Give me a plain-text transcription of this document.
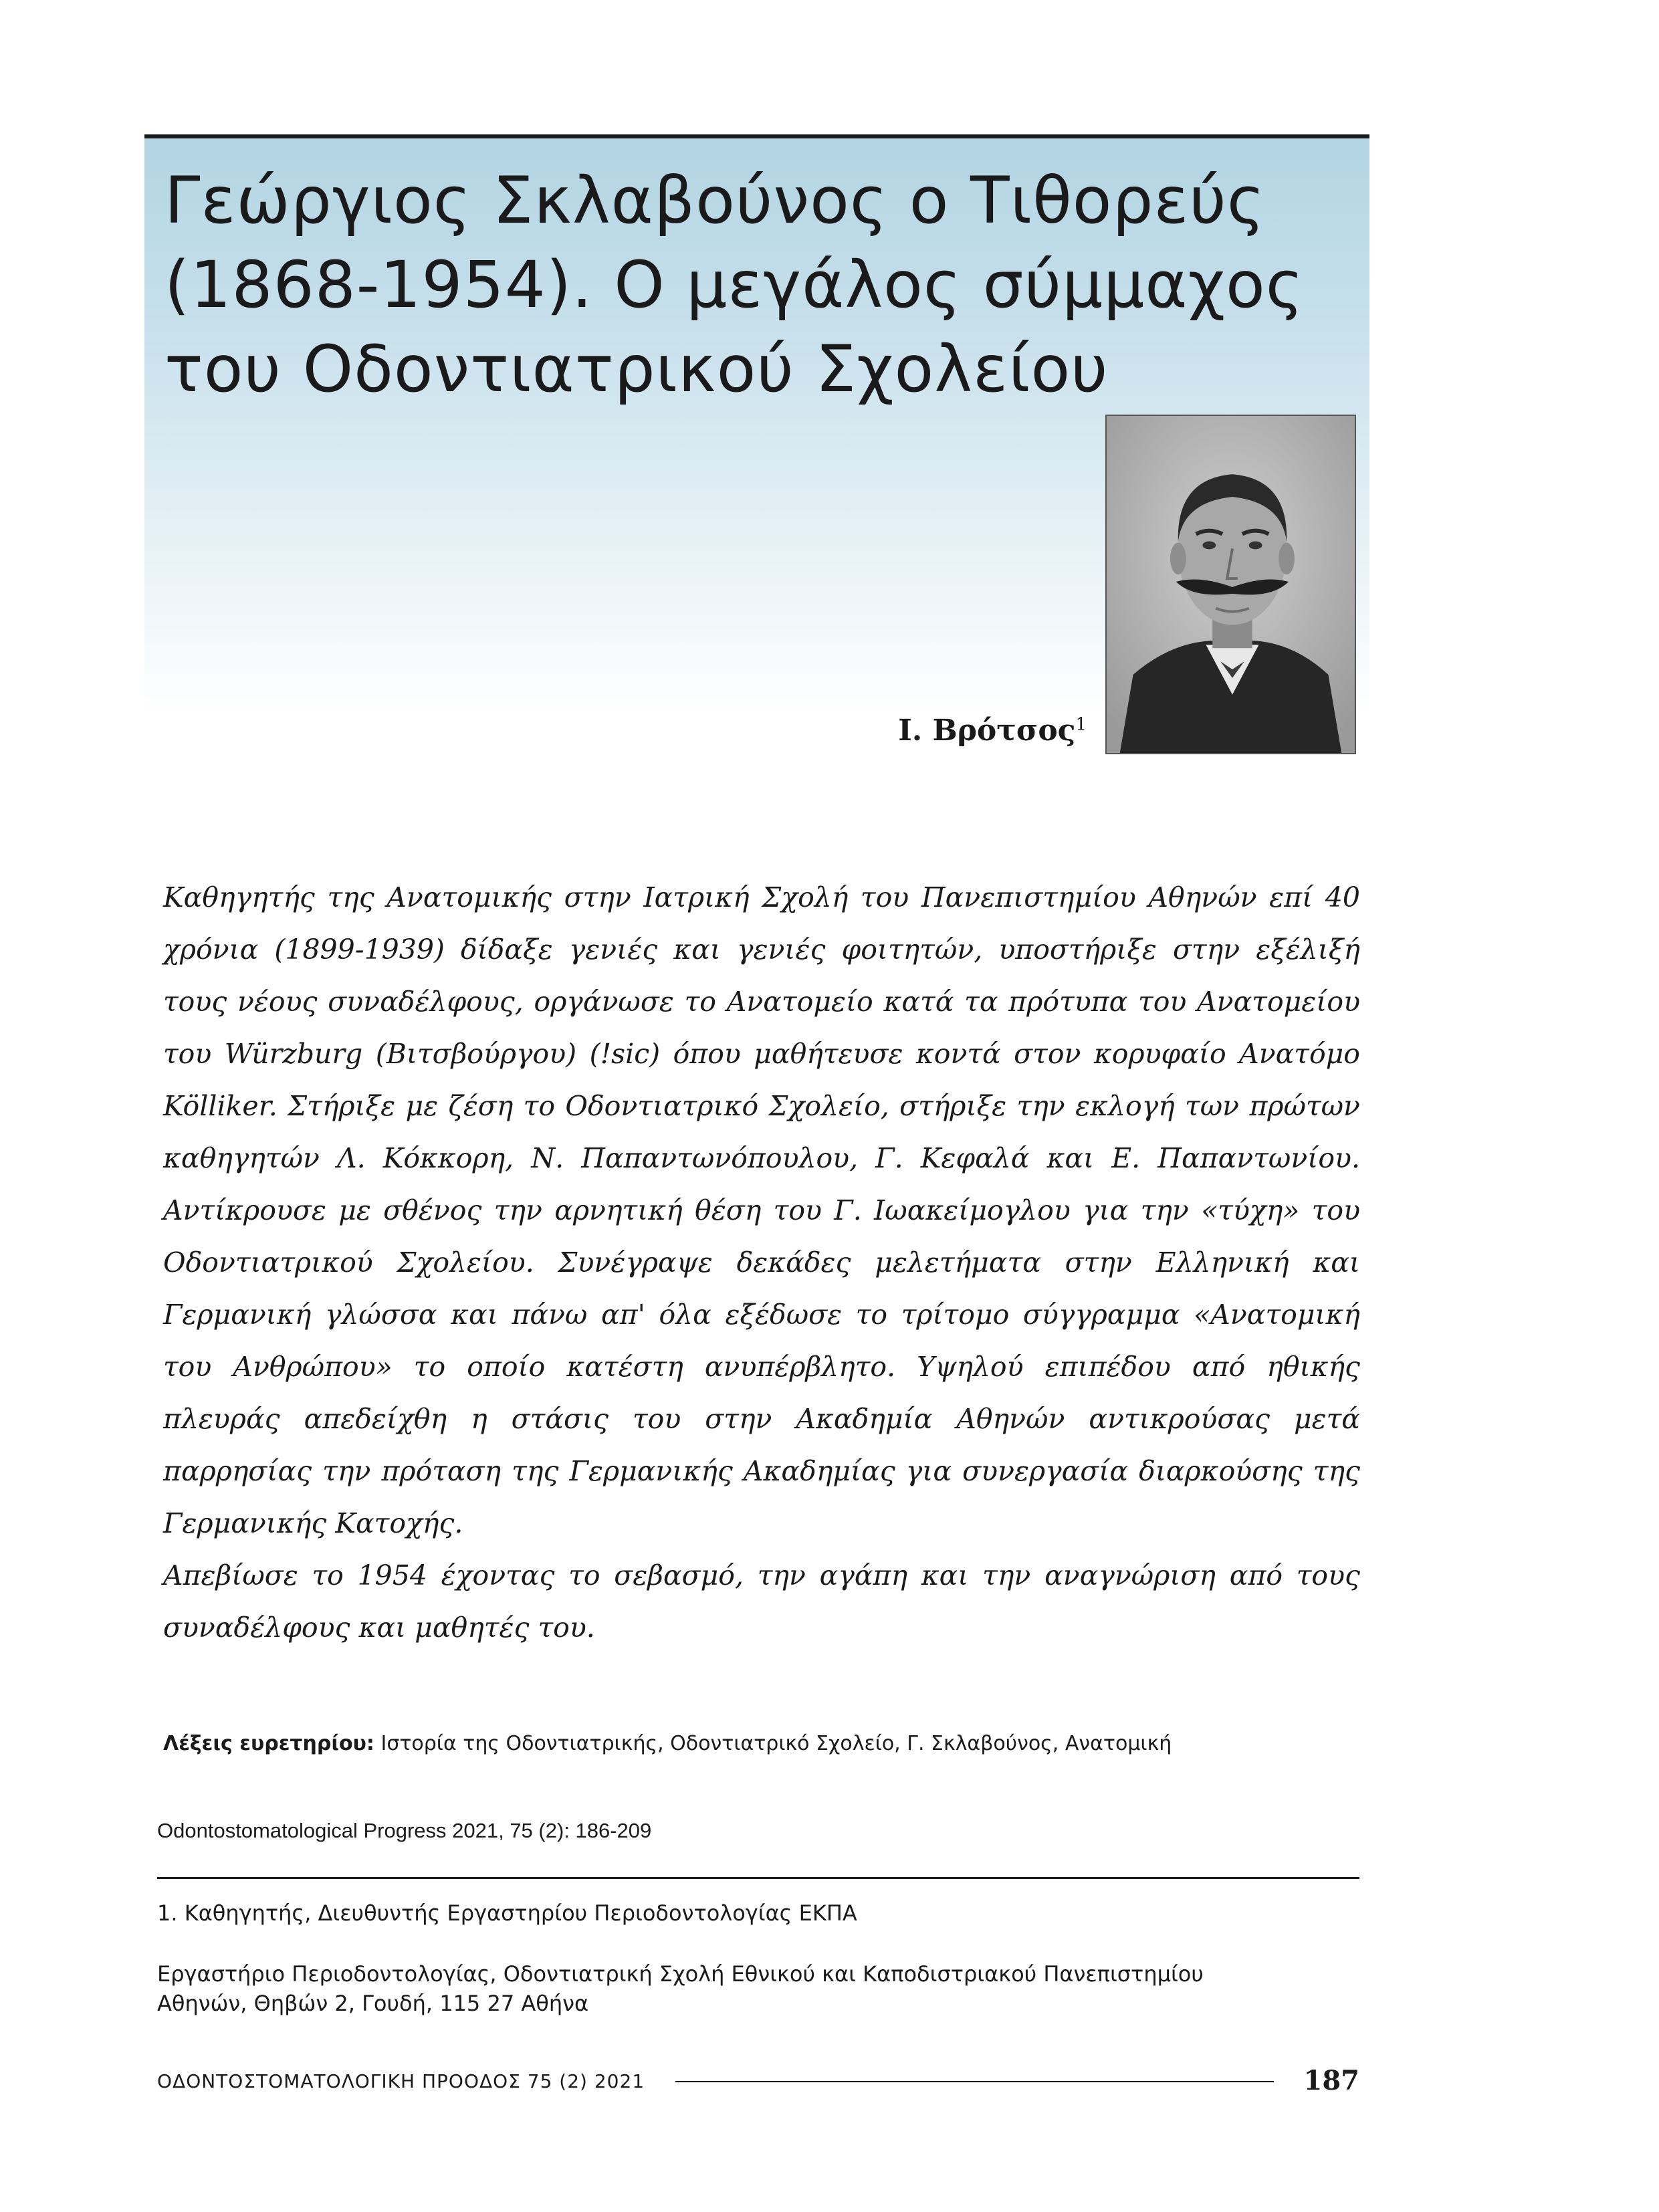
Γεώργιος Σκλαβούνος ο Τιθορεύς
(1868-1954). Ο μεγάλος σύμμαχος
του Οδοντιατρικού Σχολείου
Ι. Βρότσος$^1$

Καθηγητής της Ανατομικής στην Ιατρική Σχολή του Πανεπιστημίου Αθηνών επί 40 χρόνια (1899-1939) δίδαξε γενιές και γενιές φοιτητών, υποστήριξε στην εξέλιξή τους νέους συναδέλφους, οργάνωσε το Ανατομείο κατά τα πρότυπα του Ανατομείου του Würzburg (Βιτσβούργου) (!sic) όπου μαθήτευσε κοντά στον κορυφαίο Ανατόμο Kölliker. Στήριξε με ζέση το Οδοντιατρικό Σχολείο, στήριξε την εκλογή των πρώτων καθηγητών Λ. Κόκκορη, Ν. Παπαντωνόπουλου, Γ. Κεφαλά και Ε. Παπαντωνίου. Αντίκρουσε με σθένος την αρνητική θέση του Γ. Ιωακείμογλου για την «τύχη» του Οδοντιατρικού Σχολείου. Συνέγραψε δεκάδες μελετήματα στην Ελληνική και Γερμανική γλώσσα και πάνω απ' όλα εξέδωσε το τρίτομο σύγγραμμα «Ανατομική του Ανθρώπου» το οποίο κατέστη ανυπέρβλητο. Υψηλού επιπέδου από ηθικής πλευράς απεδείχθη η στάσις του στην Ακαδημία Αθηνών αντικρούσας μετά παρρησίας την πρόταση της Γερμανικής Ακαδημίας για συνεργασία διαρκούσης της Γερμανικής Κατοχής.

Απεβίωσε το 1954 έχοντας το σεβασμό, την αγάπη και την αναγνώριση από τους συναδέλφους και μαθητές του.

Λέξεις ευρετηρίου: Ιστορία της Οδοντιατρικής, Οδοντιατρικό Σχολείο, Γ. Σκλαβούνος, Ανατομική
Odontostomatological Progress 2021, 75 (2): 186-209
1. Καθηγητής, Διευθυντής Εργαστηρίου Περιοδοντολογίας ΕΚΠΑ
Εργαστήριο Περιοδοντολογίας, Οδοντιατρική Σχολή Εθνικού και Καποδιστριακού Πανεπιστημίου
Αθηνών, Θηβών 2, Γουδή, 115 27 Αθήνα
ΟΔΟΝΤΟΣΤΟΜΑΤΟΛΟΓΙΚΗ ΠΡΟΟΔΟΣ 75 (2) 2021	187
